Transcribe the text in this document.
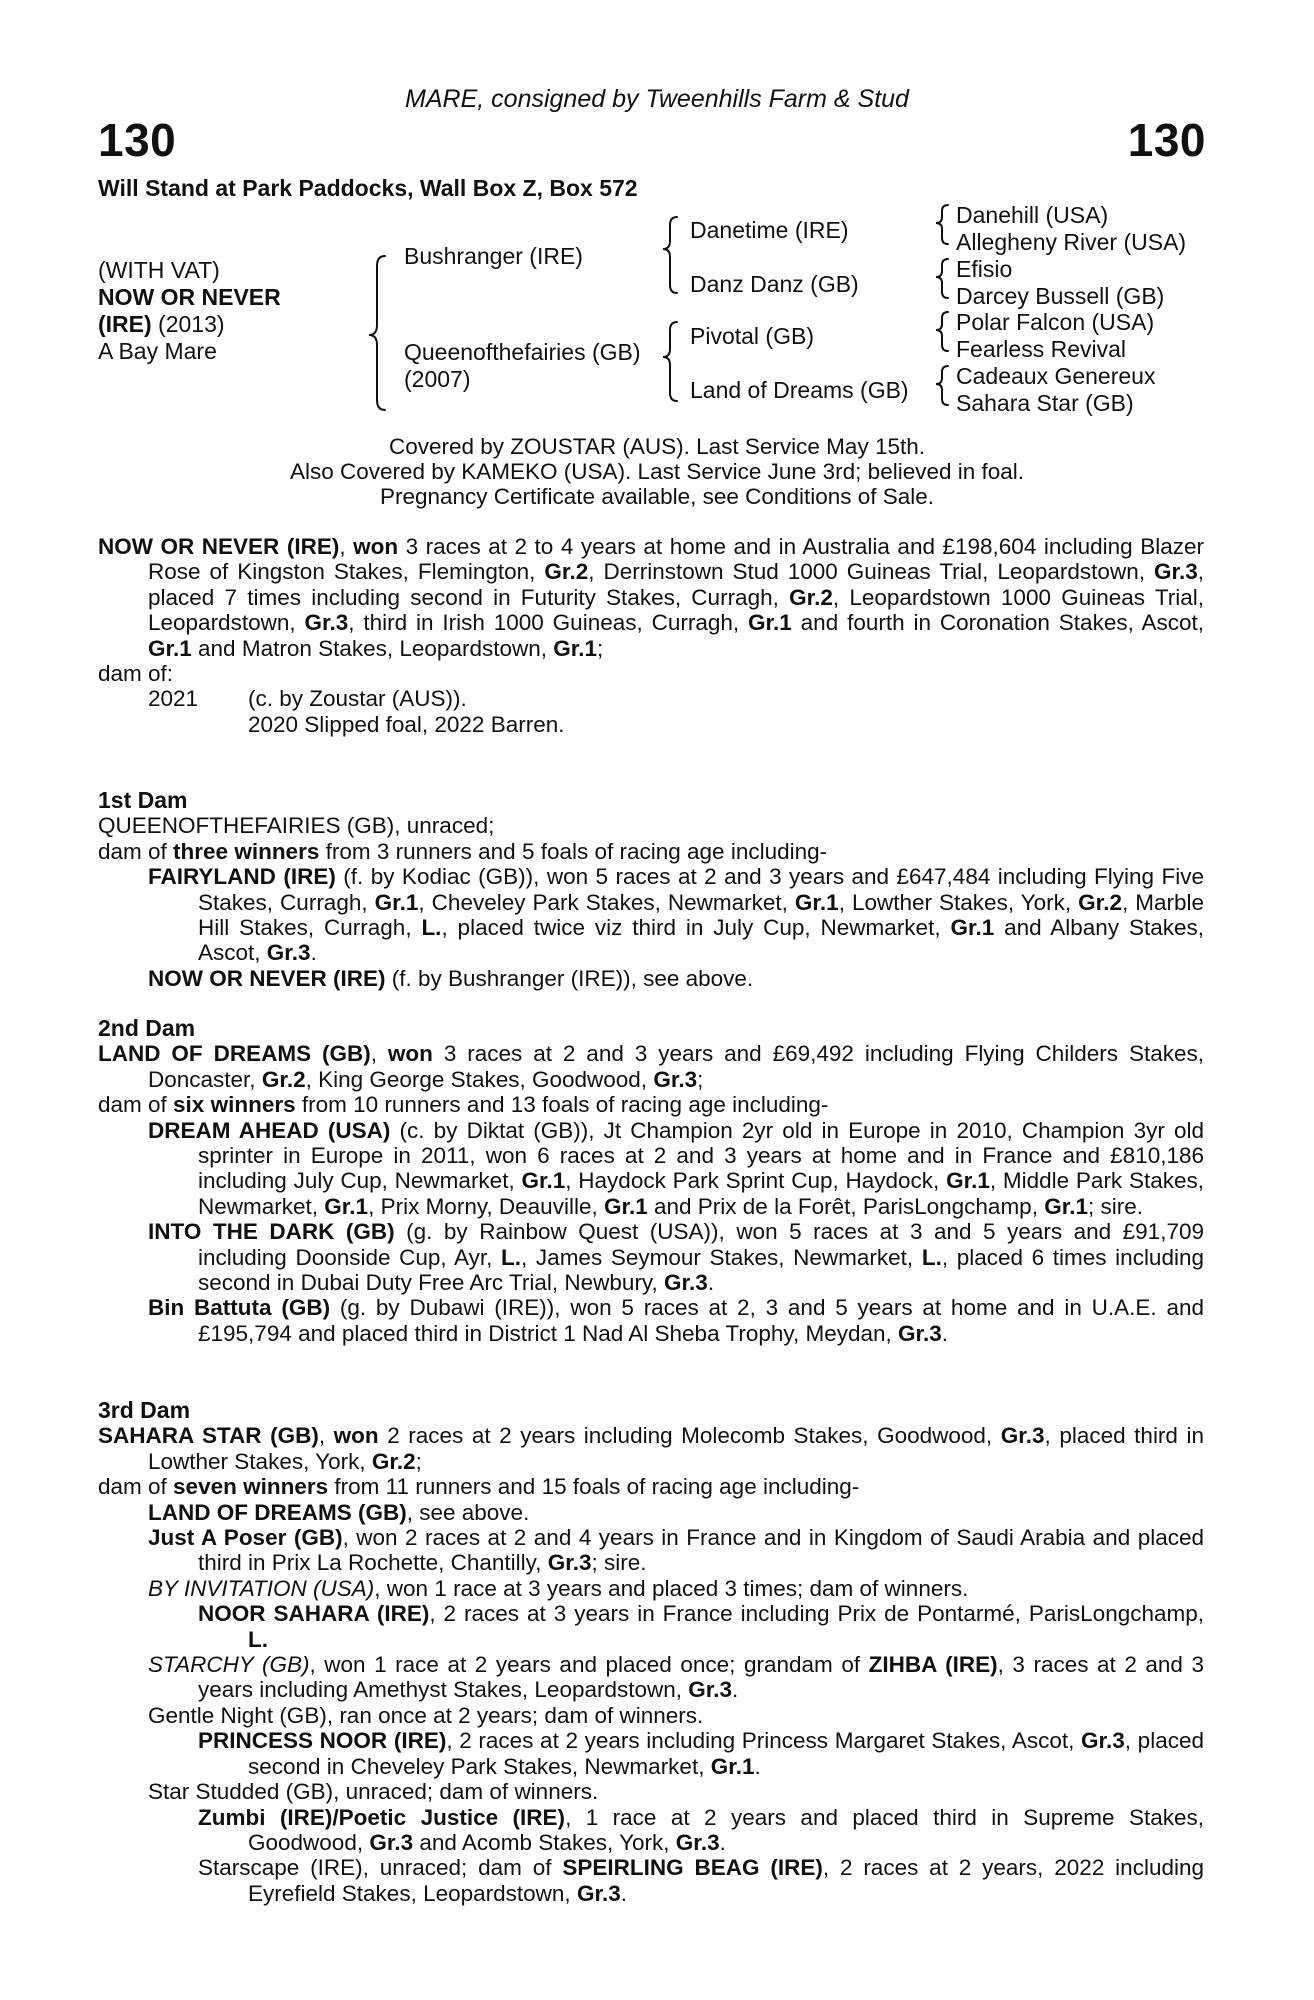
MARE, consigned by Tweenhills Farm & Stud
130	130
Will Stand at Park Paddocks, Wall Box Z, Box 572
(WITH VAT)
NOW OR NEVER
(IRE) (2013)
A Bay Mare
Bushranger (IRE)
Queenofthefairies (GB)
(2007)
Danetime (IRE)
Danz Danz (GB)
Pivotal (GB)
Land of Dreams (GB)
Danehill (USA)
Allegheny River (USA)
Efisio
Darcey Bussell (GB)
Polar Falcon (USA)
Fearless Revival
Cadeaux Genereux
Sahara Star (GB)
Covered by ZOUSTAR (AUS). Last Service May 15th.
Also Covered by KAMEKO (USA). Last Service June 3rd; believed in foal.
Pregnancy Certificate available, see Conditions of Sale.

NOW OR NEVER (IRE), won 3 races at 2 to 4 years at home and in Australia and £198,604 including Blazer Rose of Kingston Stakes, Flemington, Gr.2, Derrinstown Stud 1000 Guineas Trial, Leopardstown, Gr.3, placed 7 times including second in Futurity Stakes, Curragh, Gr.2, Leopardstown 1000 Guineas Trial, Leopardstown, Gr.3, third in Irish 1000 Guineas, Curragh, Gr.1 and fourth in Coronation Stakes, Ascot, Gr.1 and Matron Stakes, Leopardstown, Gr.1;

dam of:

2021	(c. by Zoustar (AUS)).

2020 Slipped foal, 2022 Barren.

1st Dam

QUEENOFTHEFAIRIES (GB), unraced;

dam of three winners from 3 runners and 5 foals of racing age including-

FAIRYLAND (IRE) (f. by Kodiac (GB)), won 5 races at 2 and 3 years and £647,484 including Flying Five Stakes, Curragh, Gr.1, Cheveley Park Stakes, Newmarket, Gr.1, Lowther Stakes, York, Gr.2, Marble Hill Stakes, Curragh, L., placed twice viz third in July Cup, Newmarket, Gr.1 and Albany Stakes, Ascot, Gr.3.

NOW OR NEVER (IRE) (f. by Bushranger (IRE)), see above.

2nd Dam

LAND OF DREAMS (GB), won 3 races at 2 and 3 years and £69,492 including Flying Childers Stakes, Doncaster, Gr.2, King George Stakes, Goodwood, Gr.3;

dam of six winners from 10 runners and 13 foals of racing age including-

DREAM AHEAD (USA) (c. by Diktat (GB)), Jt Champion 2yr old in Europe in 2010, Champion 3yr old sprinter in Europe in 2011, won 6 races at 2 and 3 years at home and in France and £810,186 including July Cup, Newmarket, Gr.1, Haydock Park Sprint Cup, Haydock, Gr.1, Middle Park Stakes, Newmarket, Gr.1, Prix Morny, Deauville, Gr.1 and Prix de la Forêt, ParisLongchamp, Gr.1; sire.

INTO THE DARK (GB) (g. by Rainbow Quest (USA)), won 5 races at 3 and 5 years and £91,709 including Doonside Cup, Ayr, L., James Seymour Stakes, Newmarket, L., placed 6 times including second in Dubai Duty Free Arc Trial, Newbury, Gr.3.

Bin Battuta (GB) (g. by Dubawi (IRE)), won 5 races at 2, 3 and 5 years at home and in U.A.E. and £195,794 and placed third in District 1 Nad Al Sheba Trophy, Meydan, Gr.3.

3rd Dam

SAHARA STAR (GB), won 2 races at 2 years including Molecomb Stakes, Goodwood, Gr.3, placed third in Lowther Stakes, York, Gr.2;

dam of seven winners from 11 runners and 15 foals of racing age including-

LAND OF DREAMS (GB), see above.

Just A Poser (GB), won 2 races at 2 and 4 years in France and in Kingdom of Saudi Arabia and placed third in Prix La Rochette, Chantilly, Gr.3; sire.

BY INVITATION (USA), won 1 race at 3 years and placed 3 times; dam of winners.

NOOR SAHARA (IRE), 2 races at 3 years in France including Prix de Pontarmé, ParisLongchamp, L.

STARCHY (GB), won 1 race at 2 years and placed once; grandam of ZIHBA (IRE), 3 races at 2 and 3 years including Amethyst Stakes, Leopardstown, Gr.3.

Gentle Night (GB), ran once at 2 years; dam of winners.

PRINCESS NOOR (IRE), 2 races at 2 years including Princess Margaret Stakes, Ascot, Gr.3, placed second in Cheveley Park Stakes, Newmarket, Gr.1.

Star Studded (GB), unraced; dam of winners.

Zumbi (IRE)/Poetic Justice (IRE), 1 race at 2 years and placed third in Supreme Stakes, Goodwood, Gr.3 and Acomb Stakes, York, Gr.3.

Starscape (IRE), unraced; dam of SPEIRLING BEAG (IRE), 2 races at 2 years, 2022 including Eyrefield Stakes, Leopardstown, Gr.3.
